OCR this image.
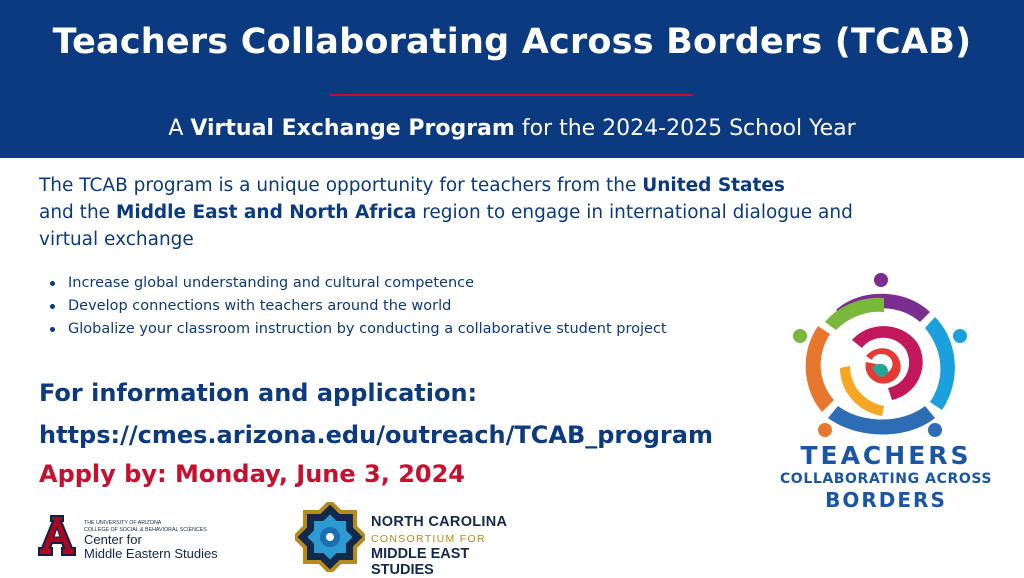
Teachers Collaborating Across Borders (TCAB)
A Virtual Exchange Program for the 2024-2025 School Year
The TCAB program is a unique opportunity for teachers from the United States
and the Middle East and North Africa region to engage in international dialogue and virtual exchange
Increase global understanding and cultural competence
Develop connections with teachers around the world
Globalize your classroom instruction by conducting a collaborative student project
For information and application:
https://cmes.arizona.edu/outreach/TCAB_program
Apply by: Monday, June 3, 2024
THE UNIVERSITY OF ARIZONA
COLLEGE OF SOCIAL & BEHAVIORAL SCIENCES
Center for
Middle Eastern Studies
NORTH CAROLINA
CONSORTIUM FOR
MIDDLE EAST STUDIES
TEACHERS
COLLABORATING ACROSS
BORDERS
